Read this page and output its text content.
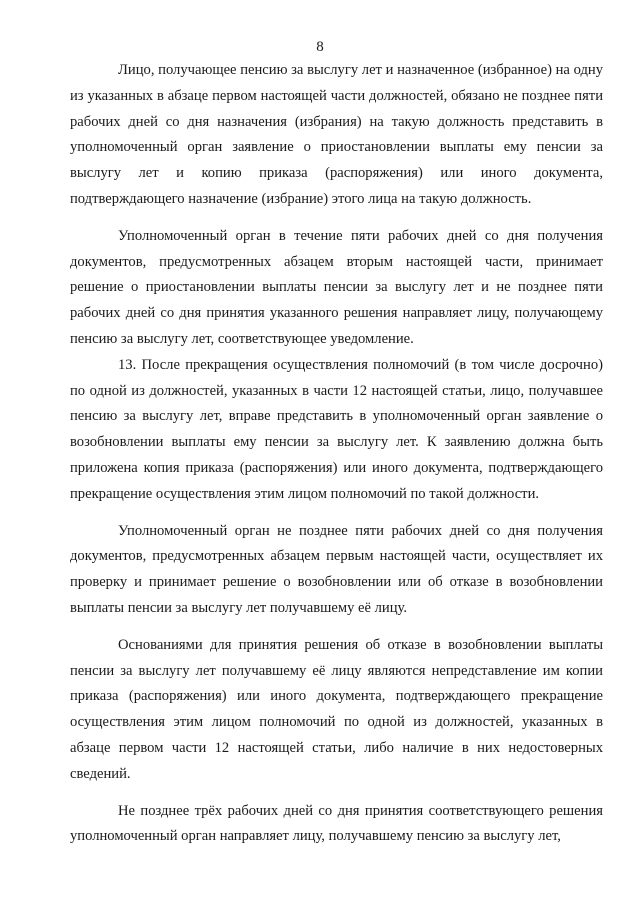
8

Лицо, получающее пенсию за выслугу лет и назначенное (избранное) на одну из указанных в абзаце первом настоящей части должностей, обязано не позднее пяти рабочих дней со дня назначения (избрания) на такую должность представить в уполномоченный орган заявление о приостановлении выплаты ему пенсии за выслугу лет и копию приказа (распоряжения) или иного документа, подтверждающего назначение (избрание) этого лица на такую должность.

Уполномоченный орган в течение пяти рабочих дней со дня получения документов, предусмотренных абзацем вторым настоящей части, принимает решение о приостановлении выплаты пенсии за выслугу лет и не позднее пяти рабочих дней со дня принятия указанного решения направляет лицу, получающему пенсию за выслугу лет, соответствующее уведомление.

13. После прекращения осуществления полномочий (в том числе досрочно) по одной из должностей, указанных в части 12 настоящей статьи, лицо, получавшее пенсию за выслугу лет, вправе представить в уполномоченный орган заявление о возобновлении выплаты ему пенсии за выслугу лет. К заявлению должна быть приложена копия приказа (распоряжения) или иного документа, подтверждающего прекращение осуществления этим лицом полномочий по такой должности.

Уполномоченный орган не позднее пяти рабочих дней со дня получения документов, предусмотренных абзацем первым настоящей части, осуществляет их проверку и принимает решение о возобновлении или об отказе в возобновлении выплаты пенсии за выслугу лет получавшему её лицу.

Основаниями для принятия решения об отказе в возобновлении выплаты пенсии за выслугу лет получавшему её лицу являются непредставление им копии приказа (распоряжения) или иного документа, подтверждающего прекращение осуществления этим лицом полномочий по одной из должностей, указанных в абзаце первом части 12 настоящей статьи, либо наличие в них недостоверных сведений.

Не позднее трёх рабочих дней со дня принятия соответствующего решения уполномоченный орган направляет лицу, получавшему пенсию за выслугу лет,
